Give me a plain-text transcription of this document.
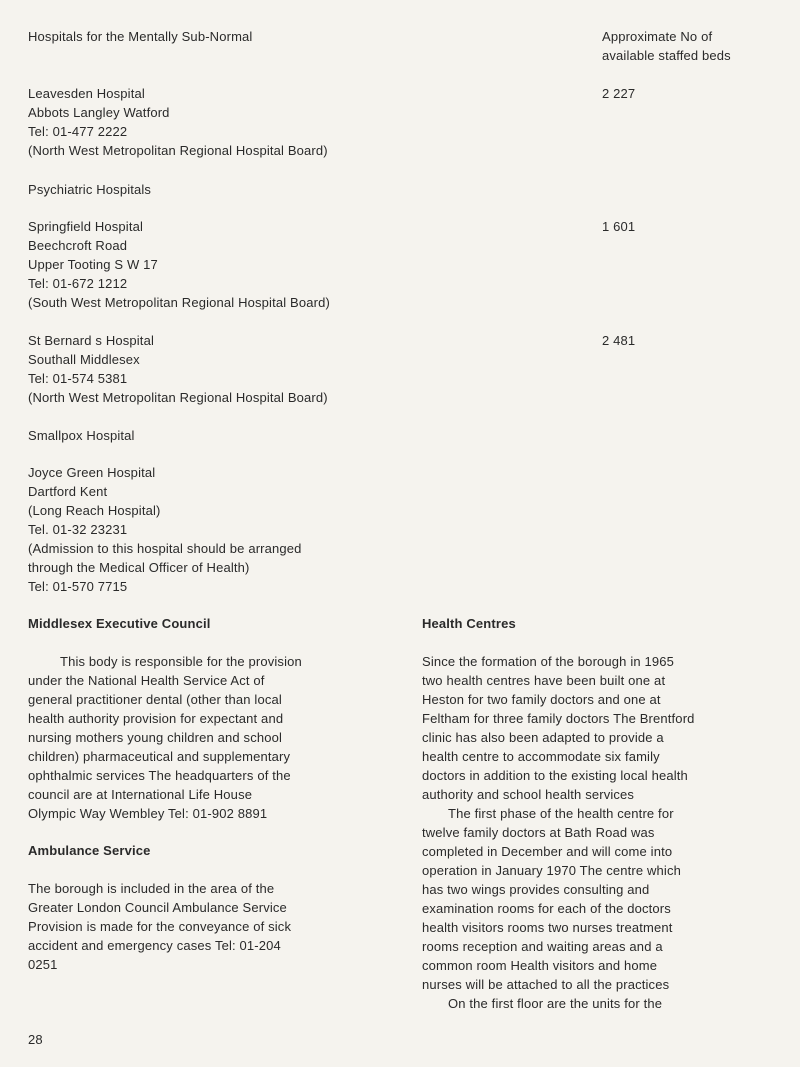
Hospitals for the Mentally Sub-Normal	Approximate No of
available staffed beds
Leavesden Hospital
Abbots Langley Watford
Tel: 01-477 2222
(North West Metropolitan Regional Hospital Board)
2 227
Psychiatric Hospitals
Springfield Hospital
Beechcroft Road
Upper Tooting S W 17
Tel: 01-672 1212
(South West Metropolitan Regional Hospital Board)
1 601
St Bernard s Hospital
Southall Middlesex
Tel: 01-574 5381
(North West Metropolitan Regional Hospital Board)
2 481
Smallpox Hospital
Joyce Green Hospital
Dartford Kent
(Long Reach Hospital)
Tel. 01-32 23231
(Admission to this hospital should be arranged
through the Medical Officer of Health)
Tel: 01-570 7715
Middlesex Executive Council
This body is responsible for the provision
under the National Health Service Act of
general practitioner dental (other than local
health authority provision for expectant and
nursing mothers young children and school
children) pharmaceutical and supplementary
ophthalmic services The headquarters of the
council are at International Life House
Olympic Way Wembley Tel: 01-902 8891
Ambulance Service
The borough is included in the area of the
Greater London Council Ambulance Service
Provision is made for the conveyance of sick
accident and emergency cases Tel: 01-204
0251
Health Centres
Since the formation of the borough in 1965
two health centres have been built one at
Heston for two family doctors and one at
Feltham for three family doctors The Brentford
clinic has also been adapted to provide a
health centre to accommodate six family
doctors in addition to the existing local health
authority and school health services
The first phase of the health centre for
twelve family doctors at Bath Road was
completed in December and will come into
operation in January 1970 The centre which
has two wings provides consulting and
examination rooms for each of the doctors
health visitors rooms two nurses treatment
rooms reception and waiting areas and a
common room Health visitors and home
nurses will be attached to all the practices
On the first floor are the units for the
28
